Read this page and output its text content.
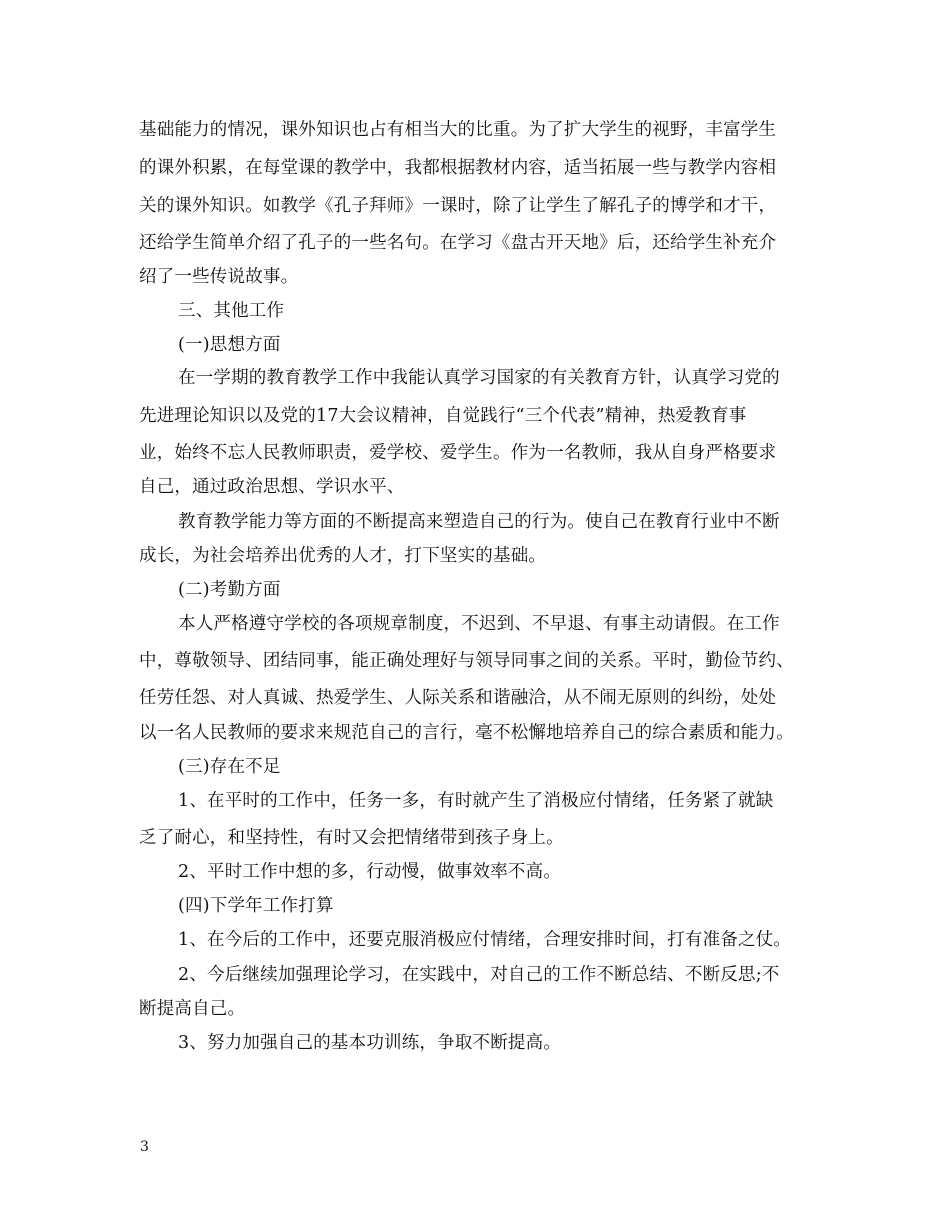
基础能力的情况，课外知识也占有相当大的比重。为了扩大学生的视野，丰富学生
的课外积累，在每堂课的教学中，我都根据教材内容，适当拓展一些与教学内容相
关的课外知识。如教学《孔子拜师》一课时，除了让学生了解孔子的博学和才干，
还给学生简单介绍了孔子的一些名句。在学习《盘古开天地》后，还给学生补充介
绍了一些传说故事。
三、其他工作
(一)思想方面
在一学期的教育教学工作中我能认真学习国家的有关教育方针，认真学习党的
先进理论知识以及党的17大会议精神，自觉践行“三个代表”精神，热爱教育事
业，始终不忘人民教师职责，爱学校、爱学生。作为一名教师，我从自身严格要求
自己，通过政治思想、学识水平、
教育教学能力等方面的不断提高来塑造自己的行为。使自己在教育行业中不断
成长，为社会培养出优秀的人才，打下坚实的基础。
(二)考勤方面
本人严格遵守学校的各项规章制度，不迟到、不早退、有事主动请假。在工作
中，尊敬领导、团结同事，能正确处理好与领导同事之间的关系。平时，勤俭节约、
任劳任怨、对人真诚、热爱学生、人际关系和谐融洽，从不闹无原则的纠纷，处处
以一名人民教师的要求来规范自己的言行，毫不松懈地培养自己的综合素质和能力。
(三)存在不足
1、在平时的工作中，任务一多，有时就产生了消极应付情绪，任务紧了就缺
乏了耐心，和坚持性，有时又会把情绪带到孩子身上。
2、平时工作中想的多，行动慢，做事效率不高。
(四)下学年工作打算
1、在今后的工作中，还要克服消极应付情绪，合理安排时间，打有准备之仗。
2、今后继续加强理论学习，在实践中，对自己的工作不断总结、不断反思;不
断提高自己。
3、努力加强自己的基本功训练，争取不断提高。
3
